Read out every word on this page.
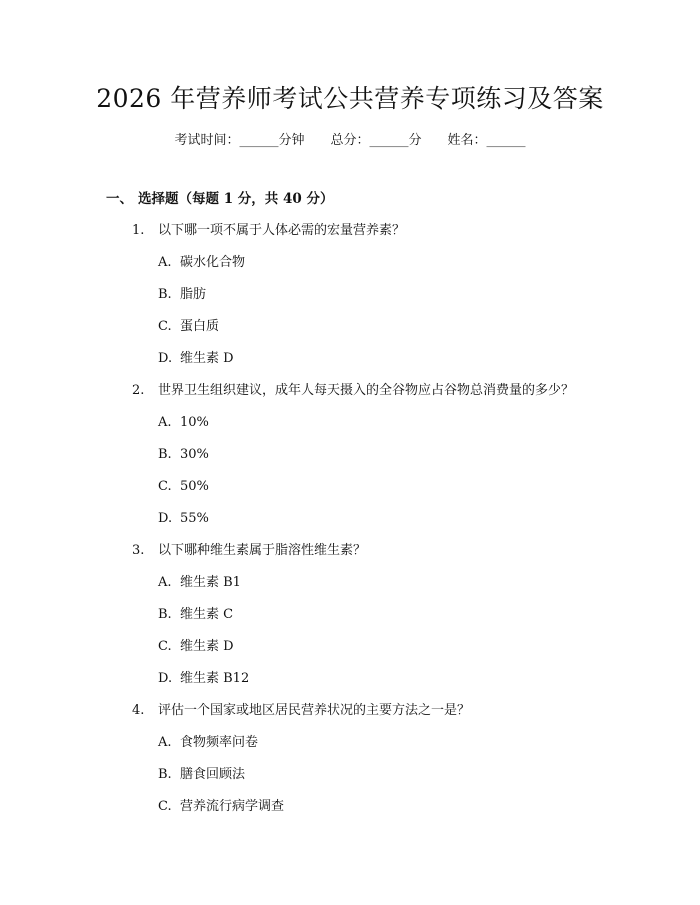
2026 年营养师考试公共营养专项练习及答案
考试时间：______分钟 总分：______分 姓名：______
一、 选择题（每题 1 分，共 40 分）
1. 以下哪一项不属于人体必需的宏量营养素？
A. 碳水化合物
B. 脂肪
C. 蛋白质
D. 维生素 D
2. 世界卫生组织建议，成年人每天摄入的全谷物应占谷物总消费量的多少？
A. 10%
B. 30%
C. 50%
D. 55%
3. 以下哪种维生素属于脂溶性维生素？
A. 维生素 B1
B. 维生素 C
C. 维生素 D
D. 维生素 B12
4. 评估一个国家或地区居民营养状况的主要方法之一是？
A. 食物频率问卷
B. 膳食回顾法
C. 营养流行病学调查
